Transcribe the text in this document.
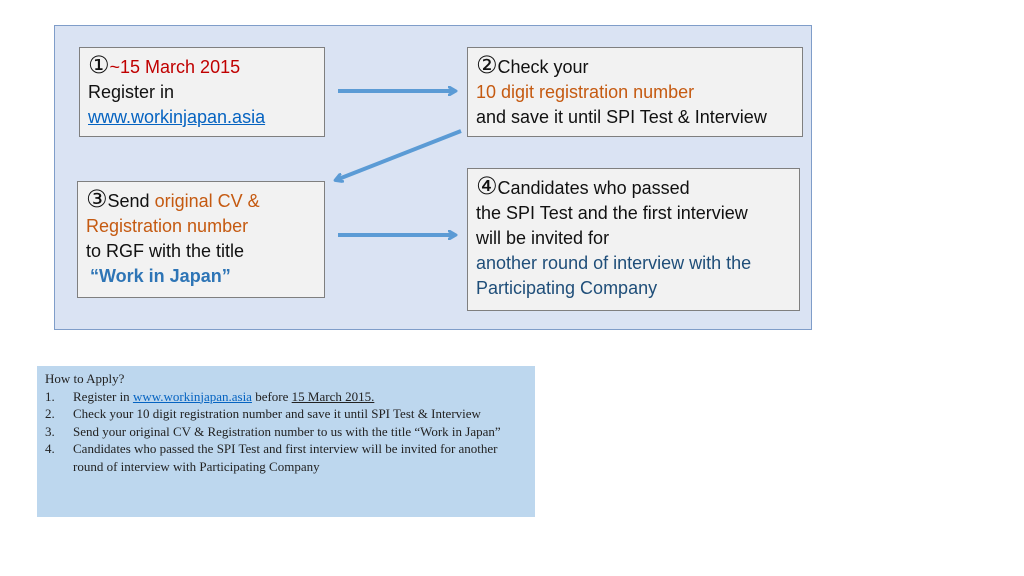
①~15 March 2015
Register in
www.workinjapan.asia
②Check your
10 digit registration number
and save it until SPI Test & Interview
③Send original CV &
Registration number
to RGF with the title
“Work in Japan”
④Candidates who passed
the SPI Test and the first interview
will be invited for
another round of interview with the
Participating Company
How to Apply?
1. Register in www.workinjapan.asia before 15 March 2015.
2. Check your 10 digit registration number and save it until SPI Test & Interview
3. Send your original CV & Registration number to us with the title “Work in Japan”
4. Candidates who passed the SPI Test and first interview will be invited for another round of interview with Participating Company
